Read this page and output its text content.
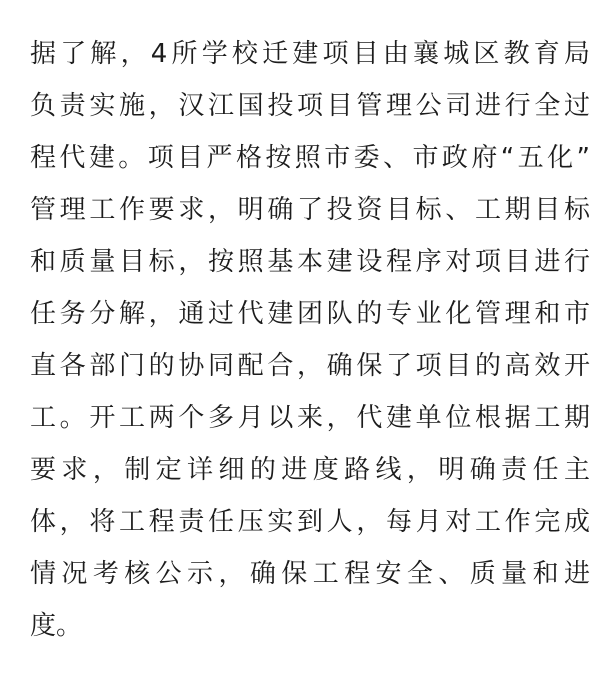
据了解，4所学校迁建项目由襄城区教育局
负责实施，汉江国投项目管理公司进行全过
程代建。项目严格按照市委、市政府“五化”
管理工作要求，明确了投资目标、工期目标
和质量目标，按照基本建设程序对项目进行
任务分解，通过代建团队的专业化管理和市
直各部门的协同配合，确保了项目的高效开
工。开工两个多月以来，代建单位根据工期
要求，制定详细的进度路线，明确责任主
体，将工程责任压实到人，每月对工作完成
情况考核公示，确保工程安全、质量和进
度。
